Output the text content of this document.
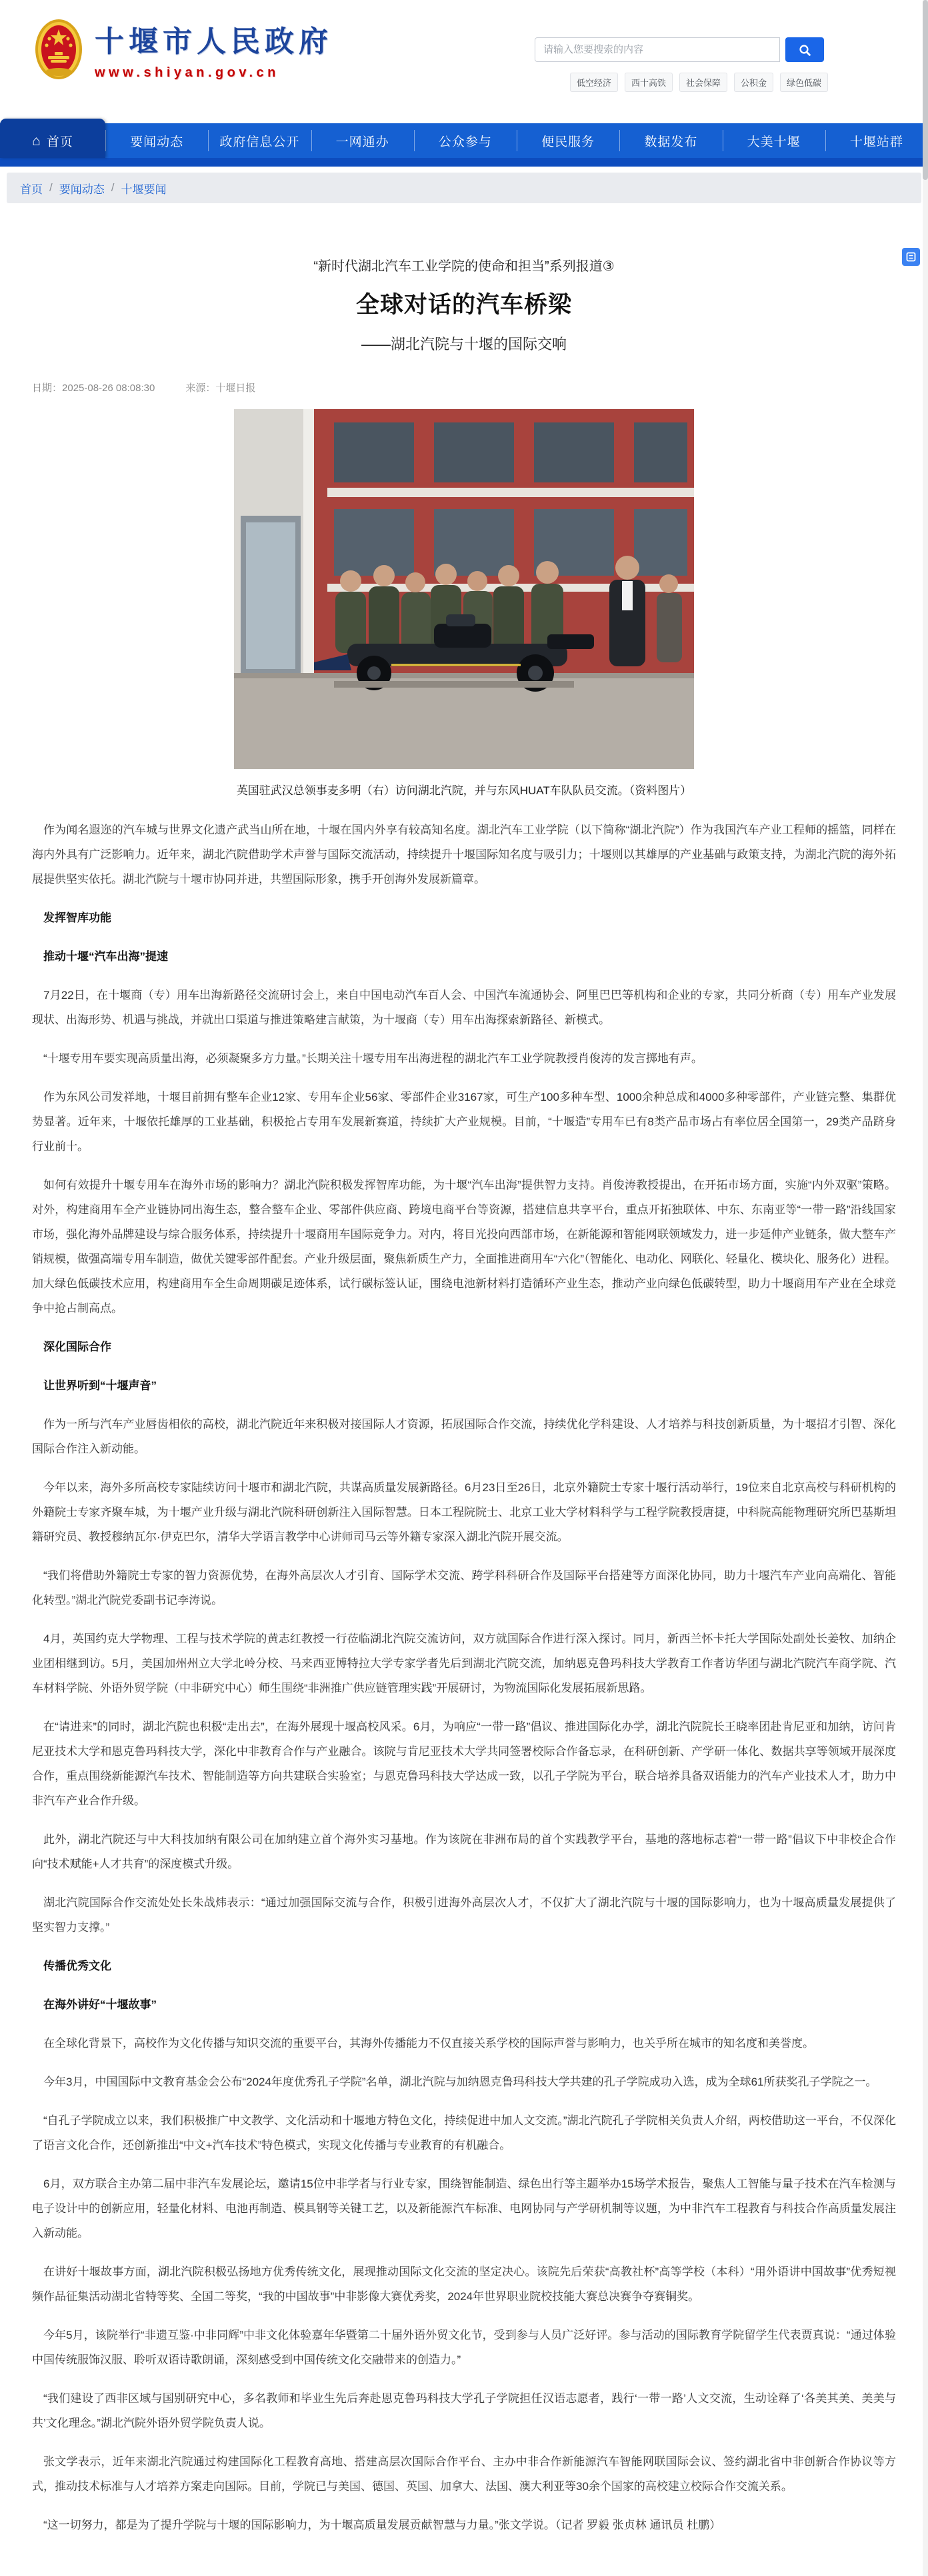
十堰市人民政府
www.shiyan.gov.cn
请输入您要搜索的内容
低空经济	西十高铁	社会保障	公积金	绿色低碳
⌂ 首页	要闻动态	政府信息公开	一网通办	公众参与	便民服务	数据发布	大美十堰	十堰站群
首页 / 要闻动态 / 十堰要闻
“新时代湖北汽车工业学院的使命和担当”系列报道③
全球对话的汽车桥梁
——湖北汽院与十堰的国际交响
日期：2025-08-26 08:08:30	来源：十堰日报
英国驻武汉总领事麦多明（右）访问湖北汽院，并与东风HUAT车队队员交流。（资料图片）

作为闻名遐迩的汽车城与世界文化遗产武当山所在地，十堰在国内外享有较高知名度。湖北汽车工业学院（以下简称“湖北汽院”）作为我国汽车产业工程师的摇篮，同样在海内外具有广泛影响力。近年来，湖北汽院借助学术声誉与国际交流活动，持续提升十堰国际知名度与吸引力；十堰则以其雄厚的产业基础与政策支持，为湖北汽院的海外拓展提供坚实依托。湖北汽院与十堰市协同并进，共塑国际形象，携手开创海外发展新篇章。

发挥智库功能
推动十堰“汽车出海”提速

7月22日，在十堰商（专）用车出海新路径交流研讨会上，来自中国电动汽车百人会、中国汽车流通协会、阿里巴巴等机构和企业的专家，共同分析商（专）用车产业发展现状、出海形势、机遇与挑战，并就出口渠道与推进策略建言献策，为十堰商（专）用车出海探索新路径、新模式。

“十堰专用车要实现高质量出海，必须凝聚多方力量。”长期关注十堰专用车出海进程的湖北汽车工业学院教授肖俊涛的发言掷地有声。

作为东风公司发祥地，十堰目前拥有整车企业12家、专用车企业56家、零部件企业3167家，可生产100多种车型、1000余种总成和4000多种零部件，产业链完整、集群优势显著。近年来，十堰依托雄厚的工业基础，积极抢占专用车发展新赛道，持续扩大产业规模。目前，“十堰造”专用车已有8类产品市场占有率位居全国第一，29类产品跻身行业前十。

如何有效提升十堰专用车在海外市场的影响力？湖北汽院积极发挥智库功能，为十堰“汽车出海”提供智力支持。肖俊涛教授提出，在开拓市场方面，实施“内外双驱”策略。对外，构建商用车全产业链协同出海生态，整合整车企业、零部件供应商、跨境电商平台等资源，搭建信息共享平台，重点开拓独联体、中东、东南亚等“一带一路”沿线国家市场，强化海外品牌建设与综合服务体系，持续提升十堰商用车国际竞争力。对内，将目光投向西部市场，在新能源和智能网联领域发力，进一步延伸产业链条，做大整车产销规模，做强高端专用车制造，做优关键零部件配套。产业升级层面，聚焦新质生产力，全面推进商用车“六化”（智能化、电动化、网联化、轻量化、模块化、服务化）进程。加大绿色低碳技术应用，构建商用车全生命周期碳足迹体系，试行碳标签认证，围绕电池新材料打造循环产业生态，推动产业向绿色低碳转型，助力十堰商用车产业在全球竞争中抢占制高点。

深化国际合作
让世界听到“十堰声音”

作为一所与汽车产业唇齿相依的高校，湖北汽院近年来积极对接国际人才资源，拓展国际合作交流，持续优化学科建设、人才培养与科技创新质量，为十堰招才引智、深化国际合作注入新动能。

今年以来，海外多所高校专家陆续访问十堰市和湖北汽院，共谋高质量发展新路径。6月23日至26日，北京外籍院士专家十堰行活动举行，19位来自北京高校与科研机构的外籍院士专家齐聚车城，为十堰产业升级与湖北汽院科研创新注入国际智慧。日本工程院院士、北京工业大学材料科学与工程学院教授唐捷，中科院高能物理研究所巴基斯坦籍研究员、教授穆纳瓦尔·伊克巴尔，清华大学语言教学中心讲师司马云等外籍专家深入湖北汽院开展交流。

“我们将借助外籍院士专家的智力资源优势，在海外高层次人才引育、国际学术交流、跨学科科研合作及国际平台搭建等方面深化协同，助力十堰汽车产业向高端化、智能化转型。”湖北汽院党委副书记李涛说。

4月，英国约克大学物理、工程与技术学院的黄志红教授一行莅临湖北汽院交流访问，双方就国际合作进行深入探讨。同月，新西兰怀卡托大学国际处副处长姜牧、加纳企业团相继到访。5月，美国加州州立大学北岭分校、马来西亚博特拉大学专家学者先后到湖北汽院交流，加纳恩克鲁玛科技大学教育工作者访华团与湖北汽院汽车商学院、汽车材料学院、外语外贸学院（中非研究中心）师生围绕“非洲推广供应链管理实践”开展研讨，为物流国际化发展拓展新思路。

在“请进来”的同时，湖北汽院也积极“走出去”，在海外展现十堰高校风采。6月，为响应“一带一路”倡议、推进国际化办学，湖北汽院院长王晓率团赴肯尼亚和加纳，访问肯尼亚技术大学和恩克鲁玛科技大学，深化中非教育合作与产业融合。该院与肯尼亚技术大学共同签署校际合作备忘录，在科研创新、产学研一体化、数据共享等领域开展深度合作，重点围绕新能源汽车技术、智能制造等方向共建联合实验室；与恩克鲁玛科技大学达成一致，以孔子学院为平台，联合培养具备双语能力的汽车产业技术人才，助力中非汽车产业合作升级。

此外，湖北汽院还与中大科技加纳有限公司在加纳建立首个海外实习基地。作为该院在非洲布局的首个实践教学平台，基地的落地标志着“一带一路”倡议下中非校企合作向“技术赋能+人才共育”的深度模式升级。

湖北汽院国际合作交流处处长朱战炜表示：“通过加强国际交流与合作，积极引进海外高层次人才，不仅扩大了湖北汽院与十堰的国际影响力，也为十堰高质量发展提供了坚实智力支撑。”

传播优秀文化
在海外讲好“十堰故事”

在全球化背景下，高校作为文化传播与知识交流的重要平台，其海外传播能力不仅直接关系学校的国际声誉与影响力，也关乎所在城市的知名度和美誉度。

今年3月，中国国际中文教育基金会公布“2024年度优秀孔子学院”名单，湖北汽院与加纳恩克鲁玛科技大学共建的孔子学院成功入选，成为全球61所获奖孔子学院之一。

“自孔子学院成立以来，我们积极推广中文教学、文化活动和十堰地方特色文化，持续促进中加人文交流。”湖北汽院孔子学院相关负责人介绍，两校借助这一平台，不仅深化了语言文化合作，还创新推出“中文+汽车技术”特色模式，实现文化传播与专业教育的有机融合。

6月，双方联合主办第二届中非汽车发展论坛，邀请15位中非学者与行业专家，围绕智能制造、绿色出行等主题举办15场学术报告，聚焦人工智能与量子技术在汽车检测与电子设计中的创新应用，轻量化材料、电池再制造、模具钢等关键工艺，以及新能源汽车标准、电网协同与产学研机制等议题，为中非汽车工程教育与科技合作高质量发展注入新动能。

在讲好十堰故事方面，湖北汽院积极弘扬地方优秀传统文化，展现推动国际文化交流的坚定决心。该院先后荣获“高教社杯”高等学校（本科）“用外语讲中国故事”优秀短视频作品征集活动湖北省特等奖、全国二等奖，“我的中国故事”中非影像大赛优秀奖，2024年世界职业院校技能大赛总决赛争夺赛铜奖。

今年5月，该院举行“非遗互鉴·中非同辉”中非文化体验嘉年华暨第二十届外语外贸文化节，受到参与人员广泛好评。参与活动的国际教育学院留学生代表贾真说：“通过体验中国传统服饰汉服、聆听双语诗歌朗诵，深刻感受到中国传统文化交融带来的创造力。”

“我们建设了西非区域与国别研究中心，多名教师和毕业生先后奔赴恩克鲁玛科技大学孔子学院担任汉语志愿者，践行‘一带一路’人文交流，生动诠释了‘各美其美、美美与共’文化理念。”湖北汽院外语外贸学院负责人说。

张文学表示，近年来湖北汽院通过构建国际化工程教育高地、搭建高层次国际合作平台、主办中非合作新能源汽车智能网联国际会议、签约湖北省中非创新合作协议等方式，推动技术标准与人才培养方案走向国际。目前，学院已与美国、德国、英国、加拿大、法国、澳大利亚等30余个国家的高校建立校际合作交流关系。

“这一切努力，都是为了提升学院与十堰的国际影响力，为十堰高质量发展贡献智慧与力量。”张文学说。（记者 罗毅 张贞林 通讯员 杜鹏）
